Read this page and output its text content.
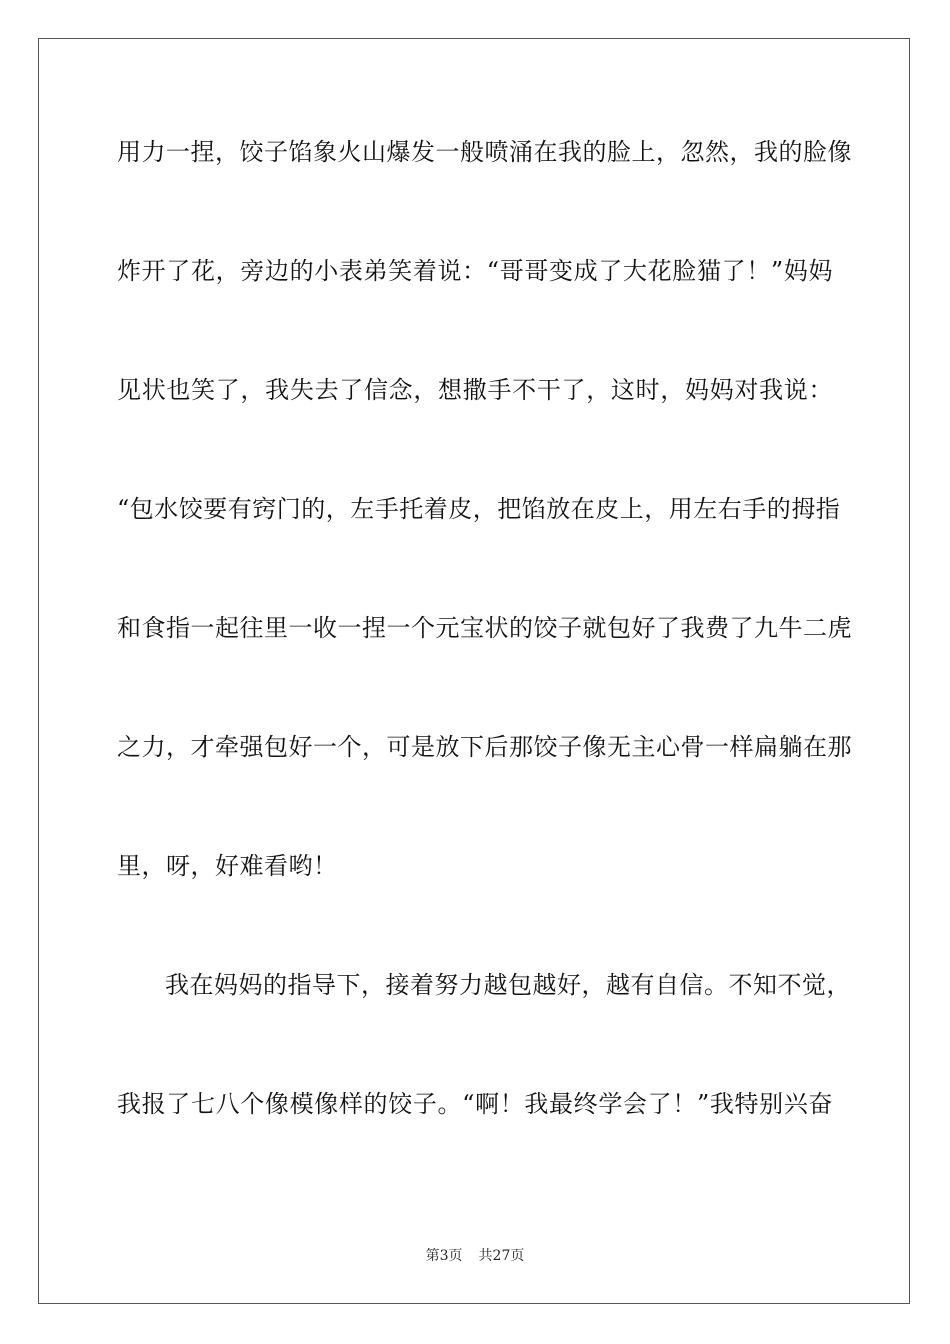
用力一捏，饺子馅象火山爆发一般喷涌在我的脸上，忽然，我的脸像
炸开了花，旁边的小表弟笑着说：“哥哥变成了大花脸猫了！”妈妈
见状也笑了，我失去了信念，想撒手不干了，这时，妈妈对我说：
“包水饺要有窍门的，左手托着皮，把馅放在皮上，用左右手的拇指
和食指一起往里一收一捏一个元宝状的饺子就包好了我费了九牛二虎
之力，才牵强包好一个，可是放下后那饺子像无主心骨一样扁躺在那
里，呀，好难看哟！
我在妈妈的指导下，接着努力越包越好，越有自信。不知不觉，
我报了七八个像模像样的饺子。“啊！我最终学会了！”我特别兴奋
第3页 共27页
